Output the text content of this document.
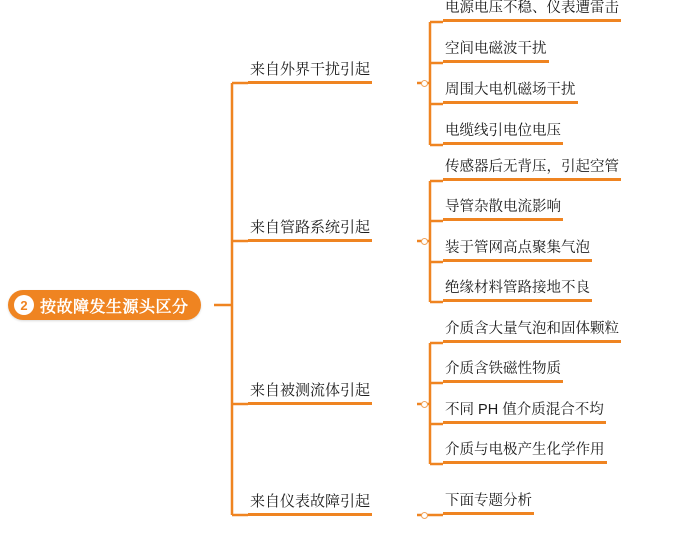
2 按故障发生源头区分
来自外界干扰引起
电源电压不稳、仪表遭雷击
空间电磁波干扰
周围大电机磁场干扰
电缆线引电位电压
来自管路系统引起
传感器后无背压，引起空管
导管杂散电流影响
装于管网高点聚集气泡
绝缘材料管路接地不良
来自被测流体引起
介质含大量气泡和固体颗粒
介质含铁磁性物质
不同 PH 值介质混合不均
介质与电极产生化学作用
来自仪表故障引起	下面专题分析
